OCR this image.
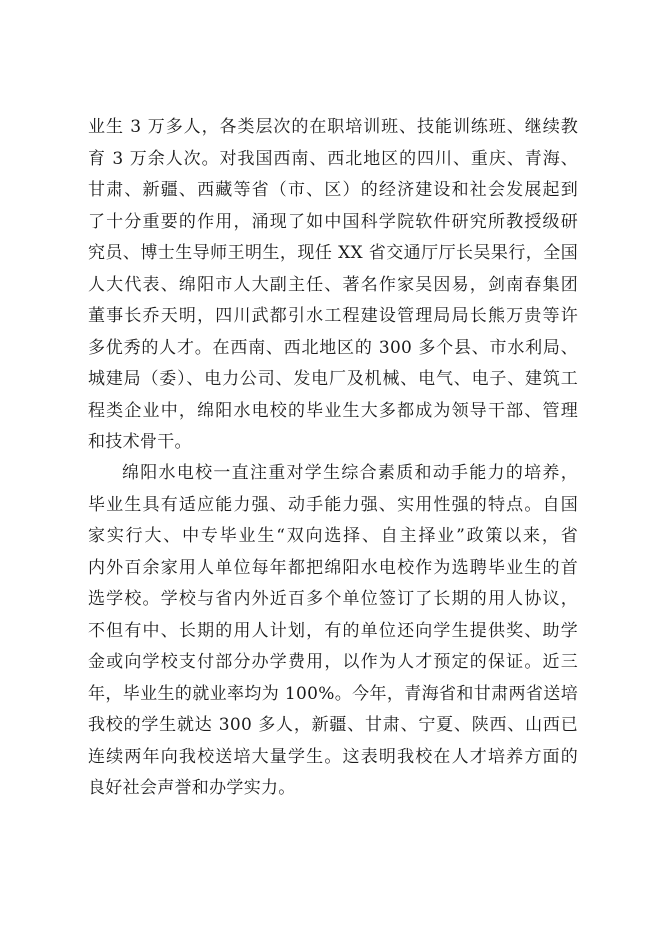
业生 3 万多人，各类层次的在职培训班、技能训练班、继续教
育 3 万余人次。对我国西南、西北地区的四川、重庆、青海、
甘肃、新疆、西藏等省（市、区）的经济建设和社会发展起到
了十分重要的作用，涌现了如中国科学院软件研究所教授级研
究员、博士生导师王明生，现任 XX 省交通厅厅长吴果行，全国
人大代表、绵阳市人大副主任、著名作家吴因易，剑南春集团
董事长乔天明，四川武都引水工程建设管理局局长熊万贵等许
多优秀的人才。在西南、西北地区的 300 多个县、市水利局、
城建局（委）、电力公司、发电厂及机械、电气、电子、建筑工
程类企业中，绵阳水电校的毕业生大多都成为领导干部、管理
和技术骨干。
绵阳水电校一直注重对学生综合素质和动手能力的培养，
毕业生具有适应能力强、动手能力强、实用性强的特点。自国
家实行大、中专毕业生“双向选择、自主择业”政策以来，省
内外百余家用人单位每年都把绵阳水电校作为选聘毕业生的首
选学校。学校与省内外近百多个单位签订了长期的用人协议，
不但有中、长期的用人计划，有的单位还向学生提供奖、助学
金或向学校支付部分办学费用，以作为人才预定的保证。近三
年，毕业生的就业率均为 100%。今年，青海省和甘肃两省送培
我校的学生就达 300 多人，新疆、甘肃、宁夏、陕西、山西已
连续两年向我校送培大量学生。这表明我校在人才培养方面的
良好社会声誉和办学实力。
